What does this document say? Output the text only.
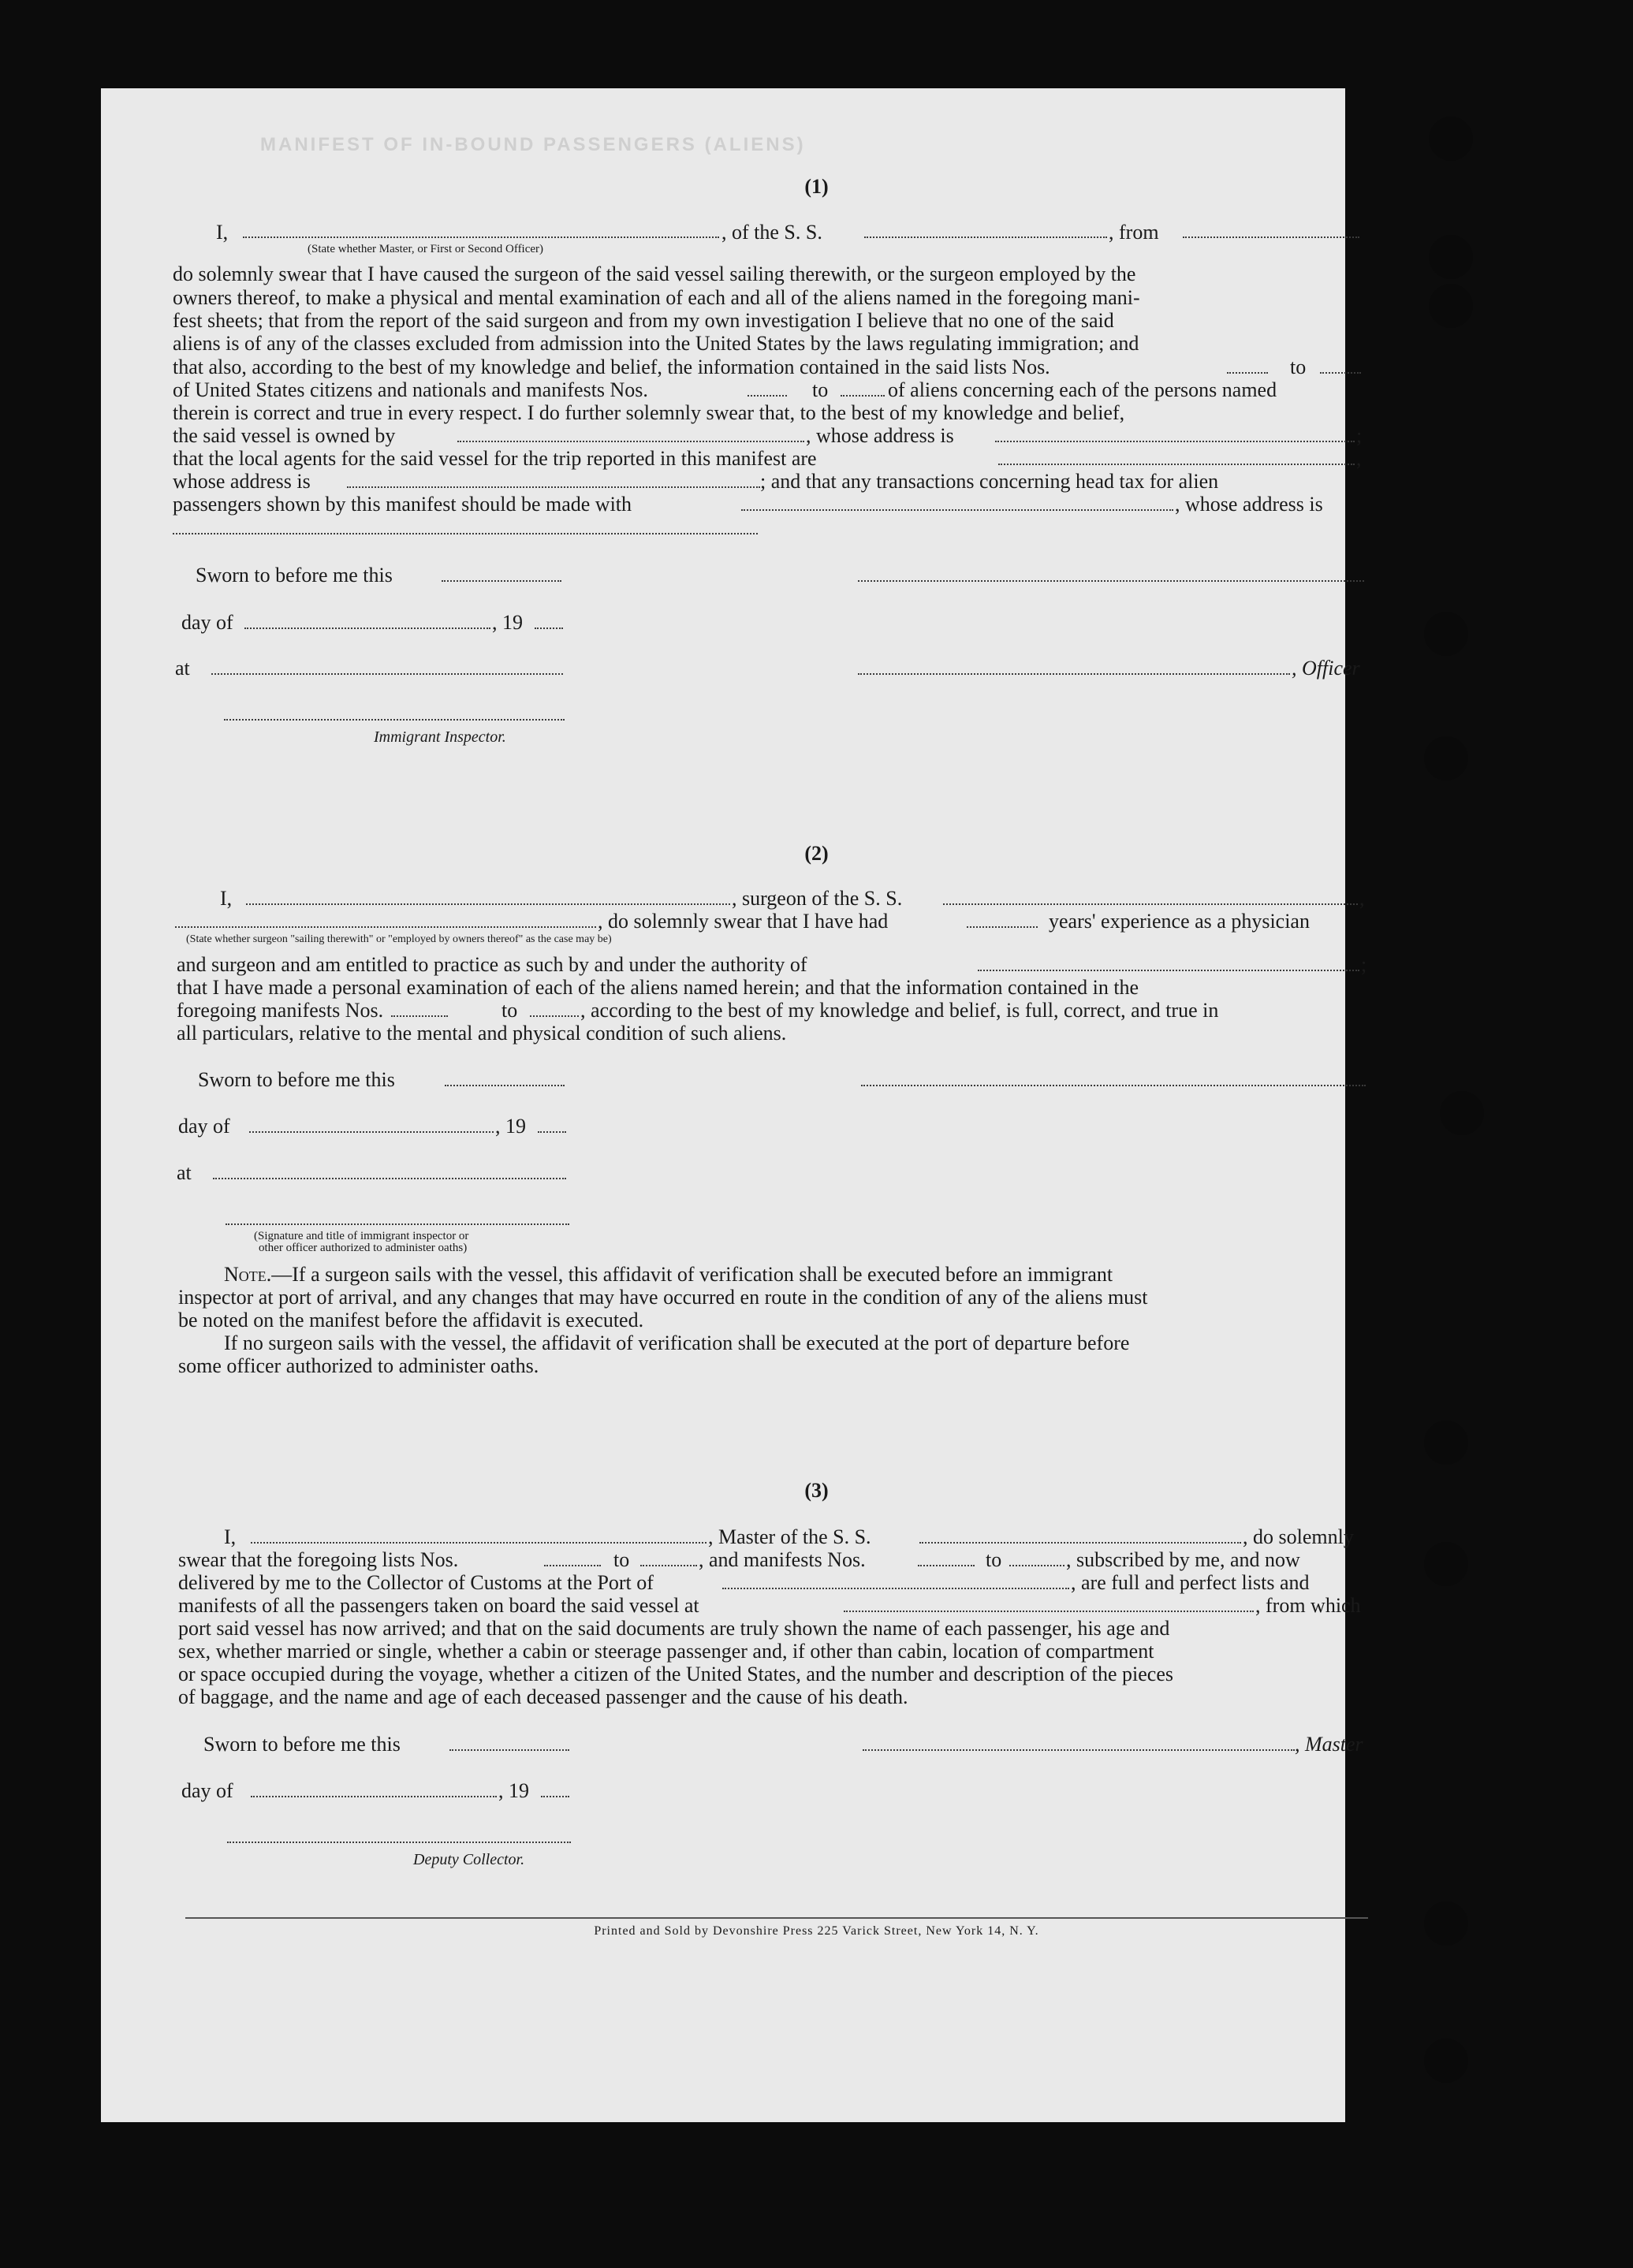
MANIFEST OF IN-BOUND PASSENGERS (ALIENS)
(1)
I,	, of the S. S.	, from
(State whether Master, or First or Second Officer)
do solemnly swear that I have caused the surgeon of the said vessel sailing therewith, or the surgeon employed by the
owners thereof, to make a physical and mental examination of each and all of the aliens named in the foregoing mani-
fest sheets; that from the report of the said surgeon and from my own investigation I believe that no one of the said
aliens is of any of the classes excluded from admission into the United States by the laws regulating immigration; and
that also, according to the best of my knowledge and belief, the information contained in the said lists Nos.	to
of United States citizens and nationals and manifests Nos.	to	of aliens concerning each of the persons named
therein is correct and true in every respect. I do further solemnly swear that, to the best of my knowledge and belief,
the said vessel is owned by	, whose address is	;
that the local agents for the said vessel for the trip reported in this manifest are	,
whose address is	; and that any transactions concerning head tax for alien
passengers shown by this manifest should be made with	, whose address is
Sworn to before me this
day of	, 19
at	, Officer
Immigrant Inspector.
(2)
I,	, surgeon of the S. S.	,
, do solemnly swear that I have had	years' experience as a physician
(State whether surgeon "sailing therewith" or "employed by owners thereof" as the case may be)
and surgeon and am entitled to practice as such by and under the authority of	;
that I have made a personal examination of each of the aliens named herein; and that the information contained in the
foregoing manifests Nos.	to	, according to the best of my knowledge and belief, is full, correct, and true in
all particulars, relative to the mental and physical condition of such aliens.
Sworn to before me this
day of	, 19
at
(Signature and title of immigrant inspector or
other officer authorized to administer oaths)
Note.—If a surgeon sails with the vessel, this affidavit of verification shall be executed before an immigrant
inspector at port of arrival, and any changes that may have occurred en route in the condition of any of the aliens must
be noted on the manifest before the affidavit is executed.
If no surgeon sails with the vessel, the affidavit of verification shall be executed at the port of departure before
some officer authorized to administer oaths.
(3)
I,	, Master of the S. S.	, do solemnly
swear that the foregoing lists Nos.	to	, and manifests Nos.	to	, subscribed by me, and now
delivered by me to the Collector of Customs at the Port of	, are full and perfect lists and
manifests of all the passengers taken on board the said vessel at	, from which
port said vessel has now arrived; and that on the said documents are truly shown the name of each passenger, his age and
sex, whether married or single, whether a cabin or steerage passenger and, if other than cabin, location of compartment
or space occupied during the voyage, whether a citizen of the United States, and the number and description of the pieces
of baggage, and the name and age of each deceased passenger and the cause of his death.
Sworn to before me this	, Master
day of	, 19
Deputy Collector.
Printed and Sold by Devonshire Press 225 Varick Street, New York 14, N. Y.
